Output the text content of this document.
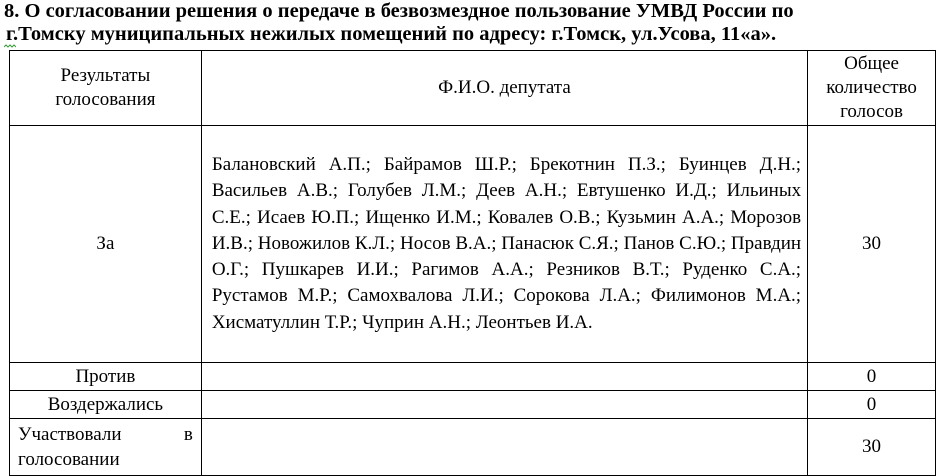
8. О согласовании решения о передаче в безвозмездное пользование УМВД России по
г.Томску муниципальных нежилых помещений по адресу: г.Томск, ул.Усова, 11«а».
Результаты голосования	Ф.И.О. депутата	Общее количество голосов
За	Балановский А.П.; Байрамов Ш.Р.; Брекотнин П.З.; Буинцев Д.Н.; Васильев А.В.; Голубев Л.М.; Деев А.Н.; Евтушенко И.Д.; Ильиных С.Е.; Исаев Ю.П.; Ищенко И.М.; Ковалев О.В.; Кузьмин А.А.; Морозов И.В.; Новожилов К.Л.; Носов В.А.; Панасюк С.Я.; Панов С.Ю.; Правдин О.Г.; Пушкарев И.И.; Рагимов А.А.; Резников В.Т.; Руденко С.А.; Рустамов М.Р.; Самохвалова Л.И.; Сорокова Л.А.; Филимонов М.А.; Хисматуллин Т.Р.; Чуприн А.Н.; Леонтьев И.А.	30
Против		0
Воздержались		0
Участвовали в голосовании		30
